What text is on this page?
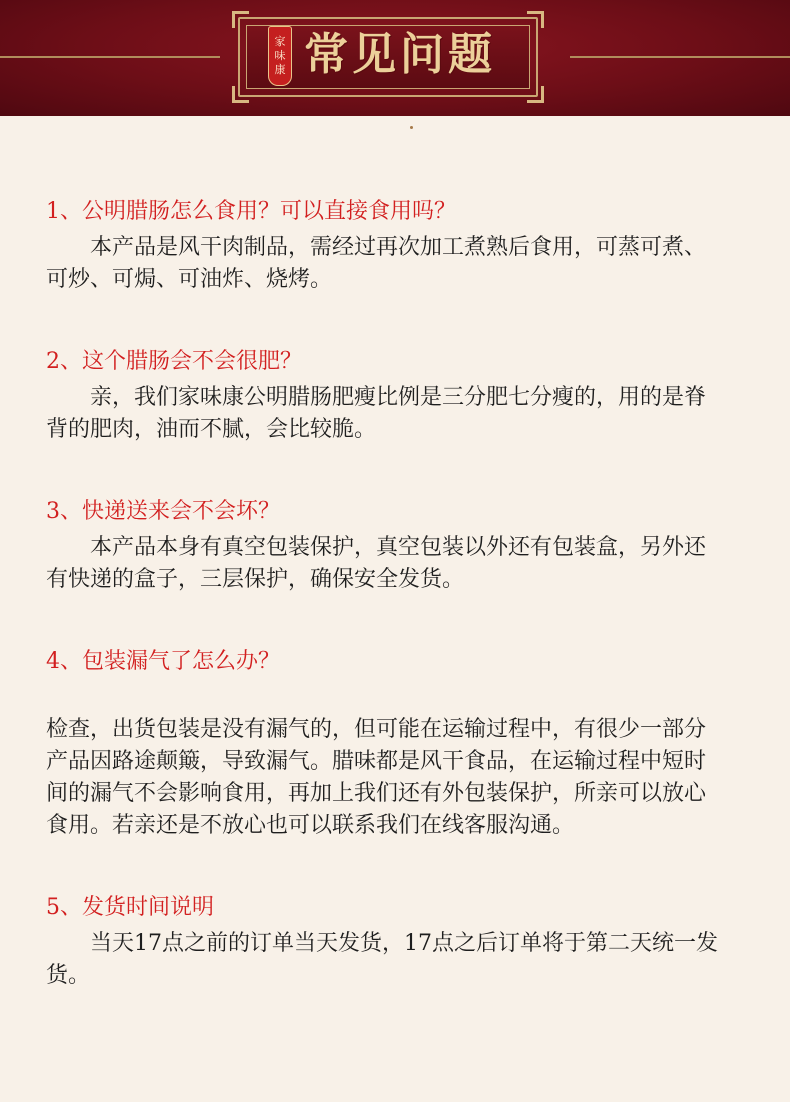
家
味
康 常见问题

1、公明腊肠怎么食用？可以直接食用吗？

本产品是风干肉制品，需经过再次加工煮熟后食用，可蒸可煮、可炒、可焗、可油炸、烧烤。

2、这个腊肠会不会很肥？

亲，我们家味康公明腊肠肥瘦比例是三分肥七分瘦的，用的是脊背的肥肉，油而不腻，会比较脆。

3、快递送来会不会坏？

本产品本身有真空包装保护，真空包装以外还有包装盒，另外还有快递的盒子，三层保护，确保安全发货。

4、包装漏气了怎么办？

检查，出货包装是没有漏气的，但可能在运输过程中，有很少一部分产品因路途颠簸，导致漏气。腊味都是风干食品，在运输过程中短时间的漏气不会影响食用，再加上我们还有外包装保护，所亲可以放心食用。若亲还是不放心也可以联系我们在线客服沟通。

5、发货时间说明

当天17点之前的订单当天发货，17点之后订单将于第二天统一发货。
